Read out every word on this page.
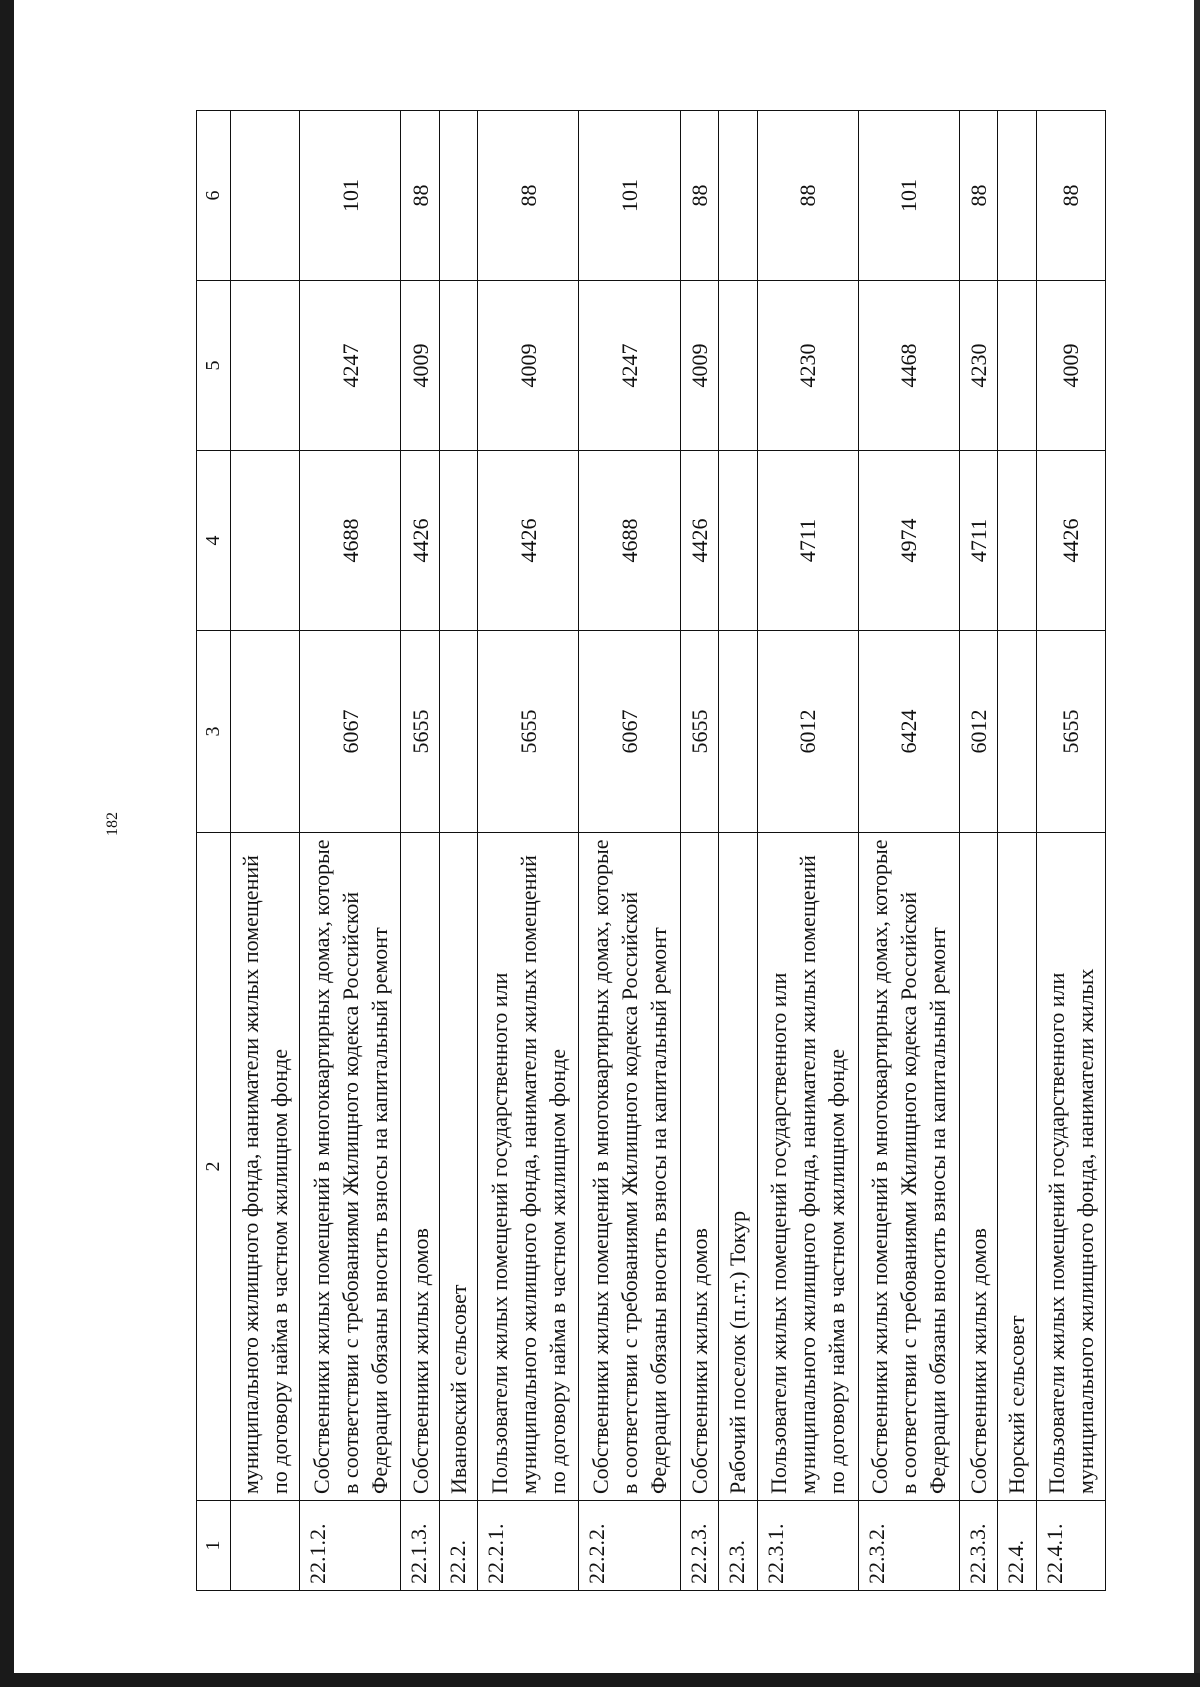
182
1	2	3	4	5	6
	муниципального жилищного фонда, наниматели жилых помещений по договору найма в частном жилищном фонде				
22.1.2.	Собственники жилых помещений в многоквартирных домах, которые в соответствии с требованиями Жилищного кодекса Российской Федерации обязаны вносить взносы на капитальный ремонт	6067	4688	4247	101
22.1.3.	Собственники жилых домов	5655	4426	4009	88
22.2.	Ивановский сельсовет				
22.2.1.	Пользователи жилых помещений государственного или муниципального жилищного фонда, наниматели жилых помещений по договору найма в частном жилищном фонде	5655	4426	4009	88
22.2.2.	Собственники жилых помещений в многоквартирных домах, которые в соответствии с требованиями Жилищного кодекса Российской Федерации обязаны вносить взносы на капитальный ремонт	6067	4688	4247	101
22.2.3.	Собственники жилых домов	5655	4426	4009	88
22.3.	Рабочий поселок (п.г.т.) Токур				
22.3.1.	Пользователи жилых помещений государственного или муниципального жилищного фонда, наниматели жилых помещений по договору найма в частном жилищном фонде	6012	4711	4230	88
22.3.2.	Собственники жилых помещений в многоквартирных домах, которые в соответствии с требованиями Жилищного кодекса Российской Федерации обязаны вносить взносы на капитальный ремонт	6424	4974	4468	101
22.3.3.	Собственники жилых домов	6012	4711	4230	88
22.4.	Норский сельсовет				
22.4.1.	Пользователи жилых помещений государственного или муниципального жилищного фонда, наниматели жилых	5655	4426	4009	88
